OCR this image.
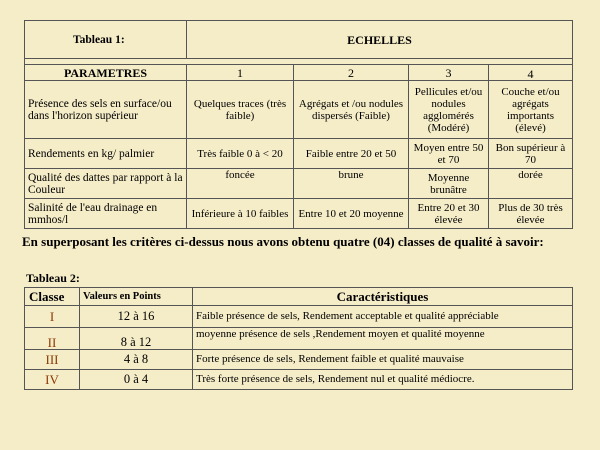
Tableau 1:	ECHELLES			

PARAMETRES	1	2	3	4
Présence des sels en surface/ou dans l'horizon supérieur	Quelques traces (très faible)	Agrégats et /ou nodules dispersés (Faible)	Pellicules et/ou nodules agglomérés (Modéré)	Couche et/ou agrégats importants (élevé)
Rendements en kg/ palmier	Très faible 0 à < 20	Faible entre 20 et 50	Moyen entre 50 et 70	Bon supérieur à 70
Qualité des dattes par rapport à la Couleur	foncée	brune	Moyenne brunâtre	dorée
Salinité de l'eau drainage en mmhos/l	Inférieure à 10 faibles	Entre 10 et 20 moyenne	Entre 20 et 30 élevée	Plus de 30 très élevée

En superposant les critères ci-dessus nous avons obtenu quatre (04) classes de qualité à savoir:

Tableau 2:
Classe	Valeurs en Points	Caractéristiques
I	12 à 16	Faible présence de sels, Rendement acceptable et qualité appréciable
II	8 à 12	moyenne présence de sels ,Rendement moyen et qualité moyenne
III	4 à 8	Forte présence de sels, Rendement faible et qualité mauvaise
IV	0 à 4	Très forte présence de sels, Rendement nul et qualité médiocre.
